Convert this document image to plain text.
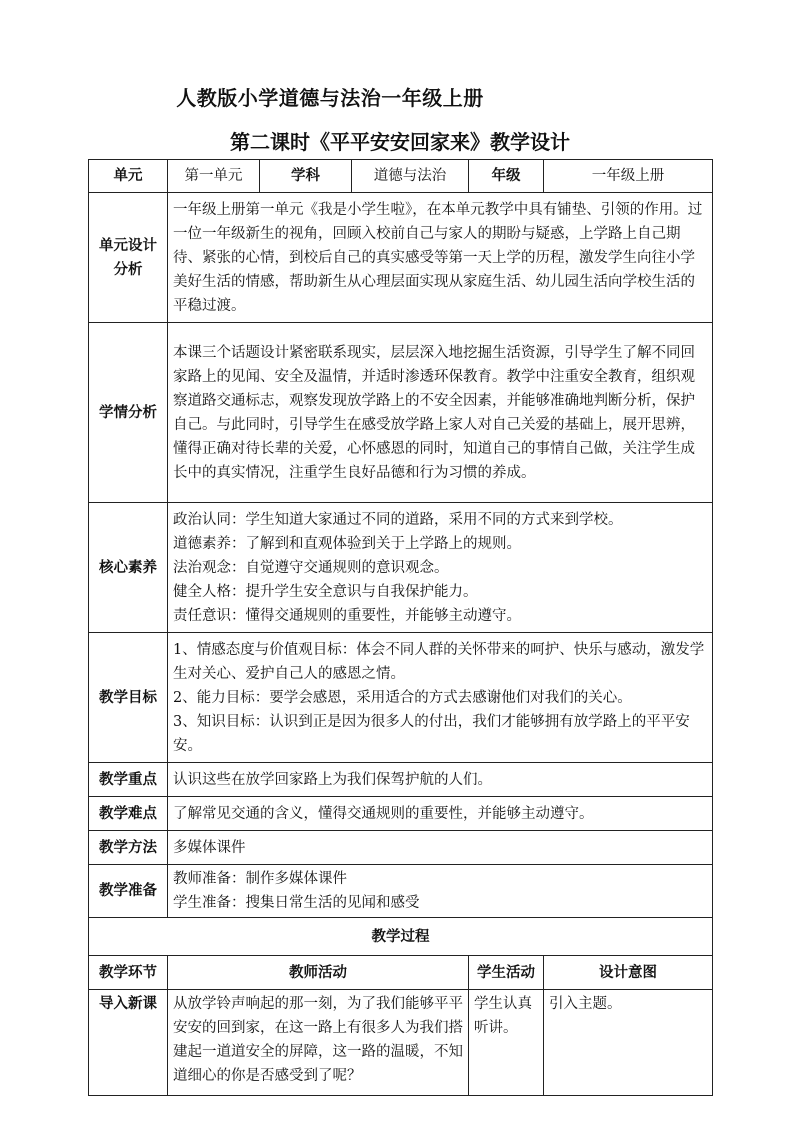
人教版小学道德与法治一年级上册
第二课时《平平安安回家来》教学设计
单元	第一单元	学科	道德与法治	年级	一年级上册
单元设计分析	一年级上册第一单元《我是小学生啦》，在本单元教学中具有铺垫、引领的作用。过一位一年级新生的视角，回顾入校前自己与家人的期盼与疑惑，上学路上自己期待、紧张的心情，到校后自己的真实感受等第一天上学的历程，激发学生向往小学美好生活的情感，帮助新生从心理层面实现从家庭生活、幼儿园生活向学校生活的平稳过渡。				

学情分析	本课三个话题设计紧密联系现实，层层深入地挖掘生活资源，引导学生了解不同回家路上的见闻、安全及温情，并适时渗透环保教育。教学中注重安全教育，组织观察道路交通标志，观察发现放学路上的不安全因素，并能够准确地判断分析，保护自己。与此同时，引导学生在感受放学路上家人对自己关爱的基础上，展开思辨，懂得正确对待长辈的关爱，心怀感恩的同时，知道自己的事情自己做，关注学生成长中的真实情况，注重学生良好品德和行为习惯的养成。				

核心素养	政治认同：学生知道大家通过不同的道路，采用不同的方式来到学校。
道德素养：了解到和直观体验到关于上学路上的规则。
法治观念：自觉遵守交通规则的意识观念。
健全人格：提升学生安全意识与自我保护能力。
责任意识：懂得交通规则的重要性，并能够主动遵守。				

教学目标	1、情感态度与价值观目标：体会不同人群的关怀带来的呵护、快乐与感动，激发学生对关心、爱护自己人的感恩之情。
2、能力目标：要学会感恩，采用适合的方式去感谢他们对我们的关心。
3、知识目标：认识到正是因为很多人的付出，我们才能够拥有放学路上的平平安安。				

教学重点	认识这些在放学回家路上为我们保驾护航的人们。				

教学难点	了解常见交通的含义，懂得交通规则的重要性，并能够主动遵守。				

教学方法	多媒体课件				

教学准备	教师准备：制作多媒体课件
学生准备：搜集日常生活的见闻和感受				

教学过程					
教学环节	教师活动			学生活动	设计意图
导入新课	从放学铃声响起的那一刻，为了我们能够平平安安的回到家，在这一路上有很多人为我们搭建起一道道安全的屏障，这一路的温暖，不知道细心的你是否感受到了呢？			学生认真听讲。	引入主题。
